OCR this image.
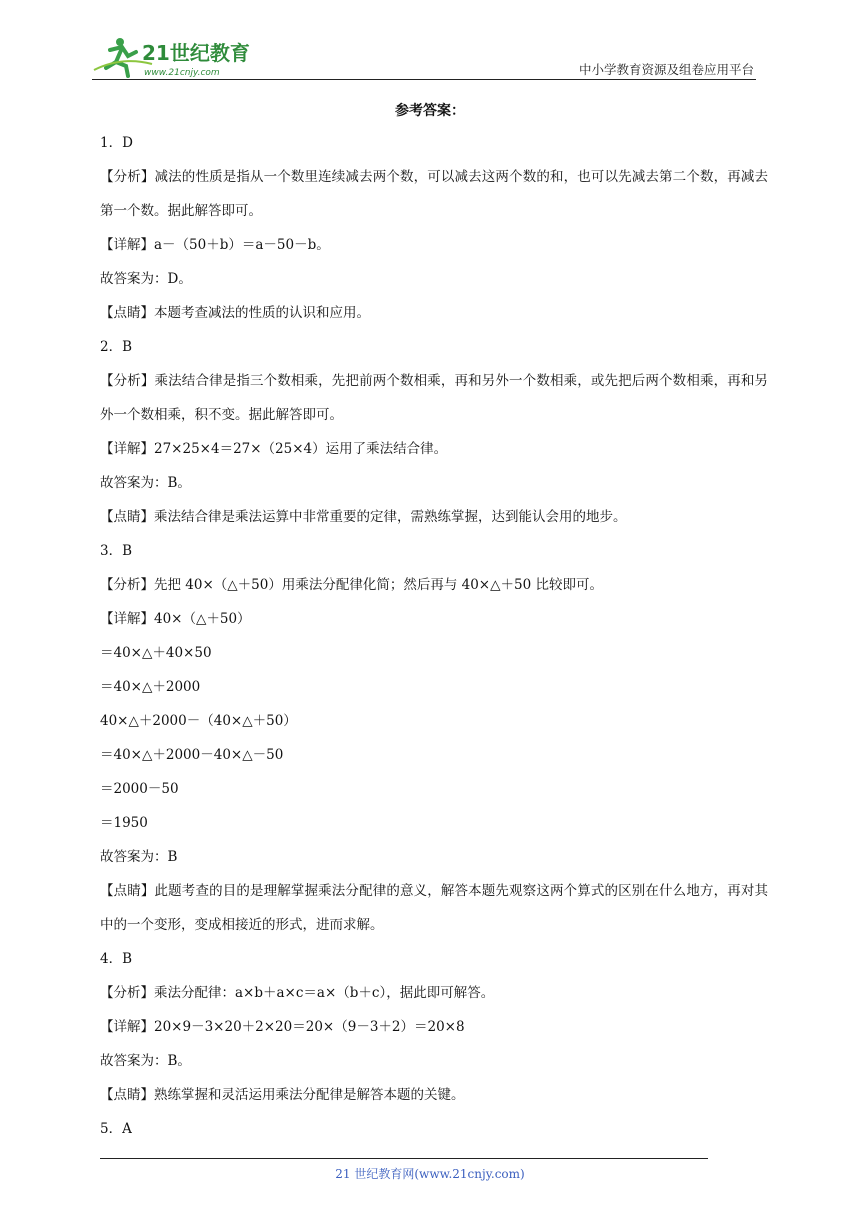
21世纪教育
www.21cnjy.com	中小学教育资源及组卷应用平台
参考答案：
1．D
【分析】减法的性质是指从一个数里连续减去两个数，可以减去这两个数的和，也可以先减去第二个数，再减去第一个数。据此解答即可。
【详解】a－（50＋b）＝a－50－b。
故答案为：D。
【点睛】本题考查减法的性质的认识和应用。
2．B
【分析】乘法结合律是指三个数相乘，先把前两个数相乘，再和另外一个数相乘，或先把后两个数相乘，再和另外一个数相乘，积不变。据此解答即可。
【详解】27×25×4＝27×（25×4）运用了乘法结合律。
故答案为：B。
【点睛】乘法结合律是乘法运算中非常重要的定律，需熟练掌握，达到能认会用的地步。
3．B
【分析】先把 40×（△＋50）用乘法分配律化简；然后再与 40×△＋50 比较即可。
【详解】40×（△＋50）
＝40×△＋40×50
＝40×△＋2000
40×△＋2000－（40×△＋50）
＝40×△＋2000－40×△－50
＝2000－50
＝1950
故答案为：B
【点睛】此题考查的目的是理解掌握乘法分配律的意义，解答本题先观察这两个算式的区别在什么地方，再对其中的一个变形，变成相接近的形式，进而求解。
4．B
【分析】乘法分配律：a×b＋a×c＝a×（b＋c），据此即可解答。
【详解】20×9－3×20＋2×20＝20×（9－3＋2）＝20×8
故答案为：B。
【点睛】熟练掌握和灵活运用乘法分配律是解答本题的关键。
5．A
21 世纪教育网(www.21cnjy.com)
